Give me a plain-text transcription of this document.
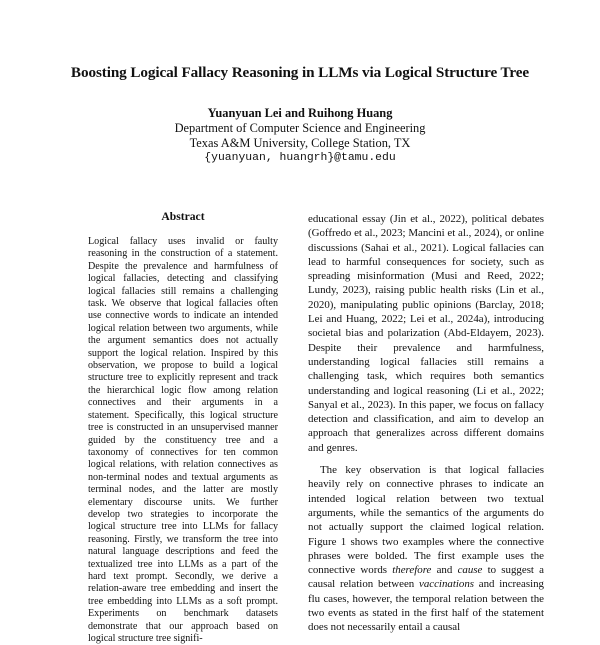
Boosting Logical Fallacy Reasoning in LLMs via Logical Structure Tree
Yuanyuan Lei and Ruihong Huang
Department of Computer Science and Engineering
Texas A&M University, College Station, TX
{yuanyuan, huangrh}@tamu.edu
Abstract
Logical fallacy uses invalid or faulty reasoning in the construction of a statement. Despite the prevalence and harmfulness of logical fallacies, detecting and classifying logical fallacies still remains a challenging task. We observe that logical fallacies often use connective words to indicate an intended logical relation between two arguments, while the argument semantics does not actually support the logical relation. Inspired by this observation, we propose to build a logical structure tree to explicitly represent and track the hierarchical logic flow among relation connectives and their arguments in a statement. Specifically, this logical structure tree is constructed in an unsupervised manner guided by the constituency tree and a taxonomy of connectives for ten common logical relations, with relation connectives as non-terminal nodes and textual arguments as terminal nodes, and the latter are mostly elementary discourse units. We further develop two strategies to incorporate the logical structure tree into LLMs for fallacy reasoning. Firstly, we transform the tree into natural language descriptions and feed the textualized tree into LLMs as a part of the hard text prompt. Secondly, we derive a relation-aware tree embedding and insert the tree embedding into LLMs as a soft prompt. Experiments on benchmark datasets demonstrate that our approach based on logical structure tree signifi-

educational essay (Jin et al., 2022), political debates (Goffredo et al., 2023; Mancini et al., 2024), or online discussions (Sahai et al., 2021). Logical fallacies can lead to harmful consequences for society, such as spreading misinformation (Musi and Reed, 2022; Lundy, 2023), raising public health risks (Lin et al., 2020), manipulating public opinions (Barclay, 2018; Lei and Huang, 2022; Lei et al., 2024a), introducing societal bias and polarization (Abd-Eldayem, 2023). Despite their prevalence and harmfulness, understanding logical fallacies still remains a challenging task, which requires both semantics understanding and logical reasoning (Li et al., 2022; Sanyal et al., 2023). In this paper, we focus on fallacy detection and classification, and aim to develop an approach that generalizes across different domains and genres.

The key observation is that logical fallacies heavily rely on connective phrases to indicate an intended logical relation between two textual arguments, while the semantics of the arguments do not actually support the claimed logical relation. Figure 1 shows two examples where the connective phrases were bolded. The first example uses the connective words therefore and cause to suggest a causal relation between vaccinations and increasing flu cases, however, the temporal relation between the two events as stated in the first half of the statement does not necessarily entail a causal
